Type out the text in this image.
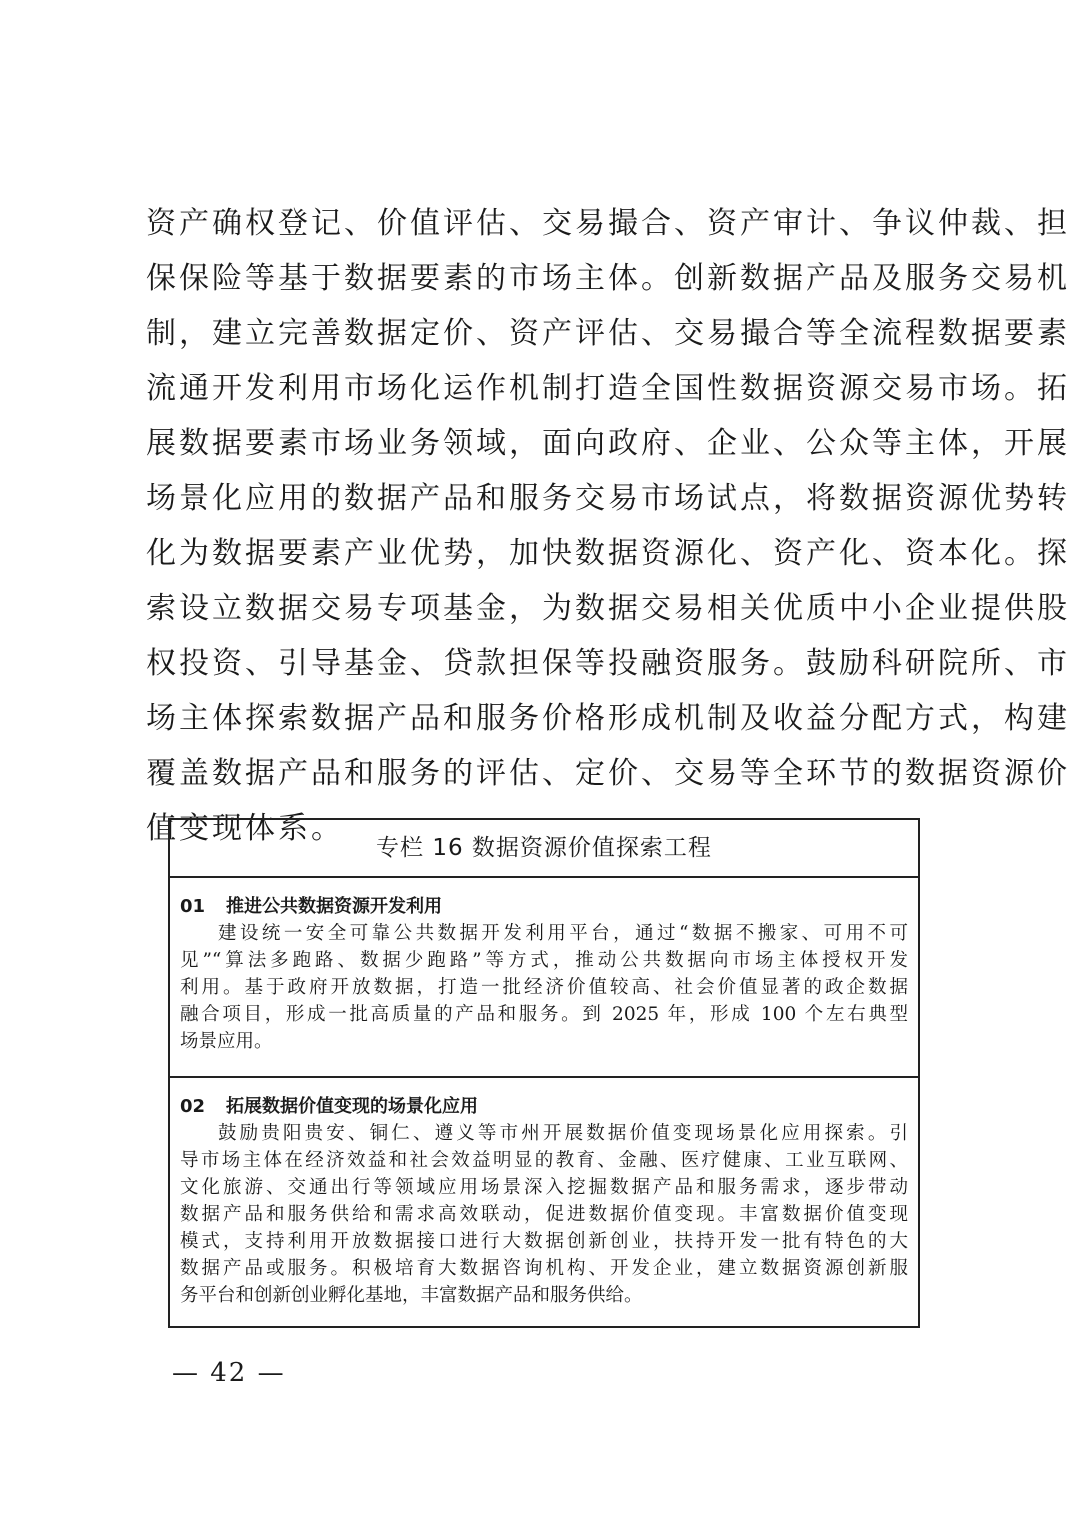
资产确权登记、价值评估、交易撮合、资产审计、争议仲裁、担
保保险等基于数据要素的市场主体。创新数据产品及服务交易机
制，建立完善数据定价、资产评估、交易撮合等全流程数据要素
流通开发利用市场化运作机制打造全国性数据资源交易市场。拓
展数据要素市场业务领域，面向政府、企业、公众等主体，开展
场景化应用的数据产品和服务交易市场试点，将数据资源优势转
化为数据要素产业优势，加快数据资源化、资产化、资本化。探
索设立数据交易专项基金，为数据交易相关优质中小企业提供股
权投资、引导基金、贷款担保等投融资服务。鼓励科研院所、市
场主体探索数据产品和服务价格形成机制及收益分配方式，构建
覆盖数据产品和服务的评估、定价、交易等全环节的数据资源价
值变现体系。
专栏 16 数据资源价值探索工程
01 推进公共数据资源开发利用
建设统一安全可靠公共数据开发利用平台，通过“数据不搬家、可用不可
见”“算法多跑路、数据少跑路”等方式，推动公共数据向市场主体授权开发
利用。基于政府开放数据，打造一批经济价值较高、社会价值显著的政企数据
融合项目，形成一批高质量的产品和服务。到 2025 年，形成 100 个左右典型
场景应用。
02 拓展数据价值变现的场景化应用
鼓励贵阳贵安、铜仁、遵义等市州开展数据价值变现场景化应用探索。引
导市场主体在经济效益和社会效益明显的教育、金融、医疗健康、工业互联网、
文化旅游、交通出行等领域应用场景深入挖掘数据产品和服务需求，逐步带动
数据产品和服务供给和需求高效联动，促进数据价值变现。丰富数据价值变现
模式，支持利用开放数据接口进行大数据创新创业，扶持开发一批有特色的大
数据产品或服务。积极培育大数据咨询机构、开发企业，建立数据资源创新服
务平台和创新创业孵化基地，丰富数据产品和服务供给。
— 42 —
